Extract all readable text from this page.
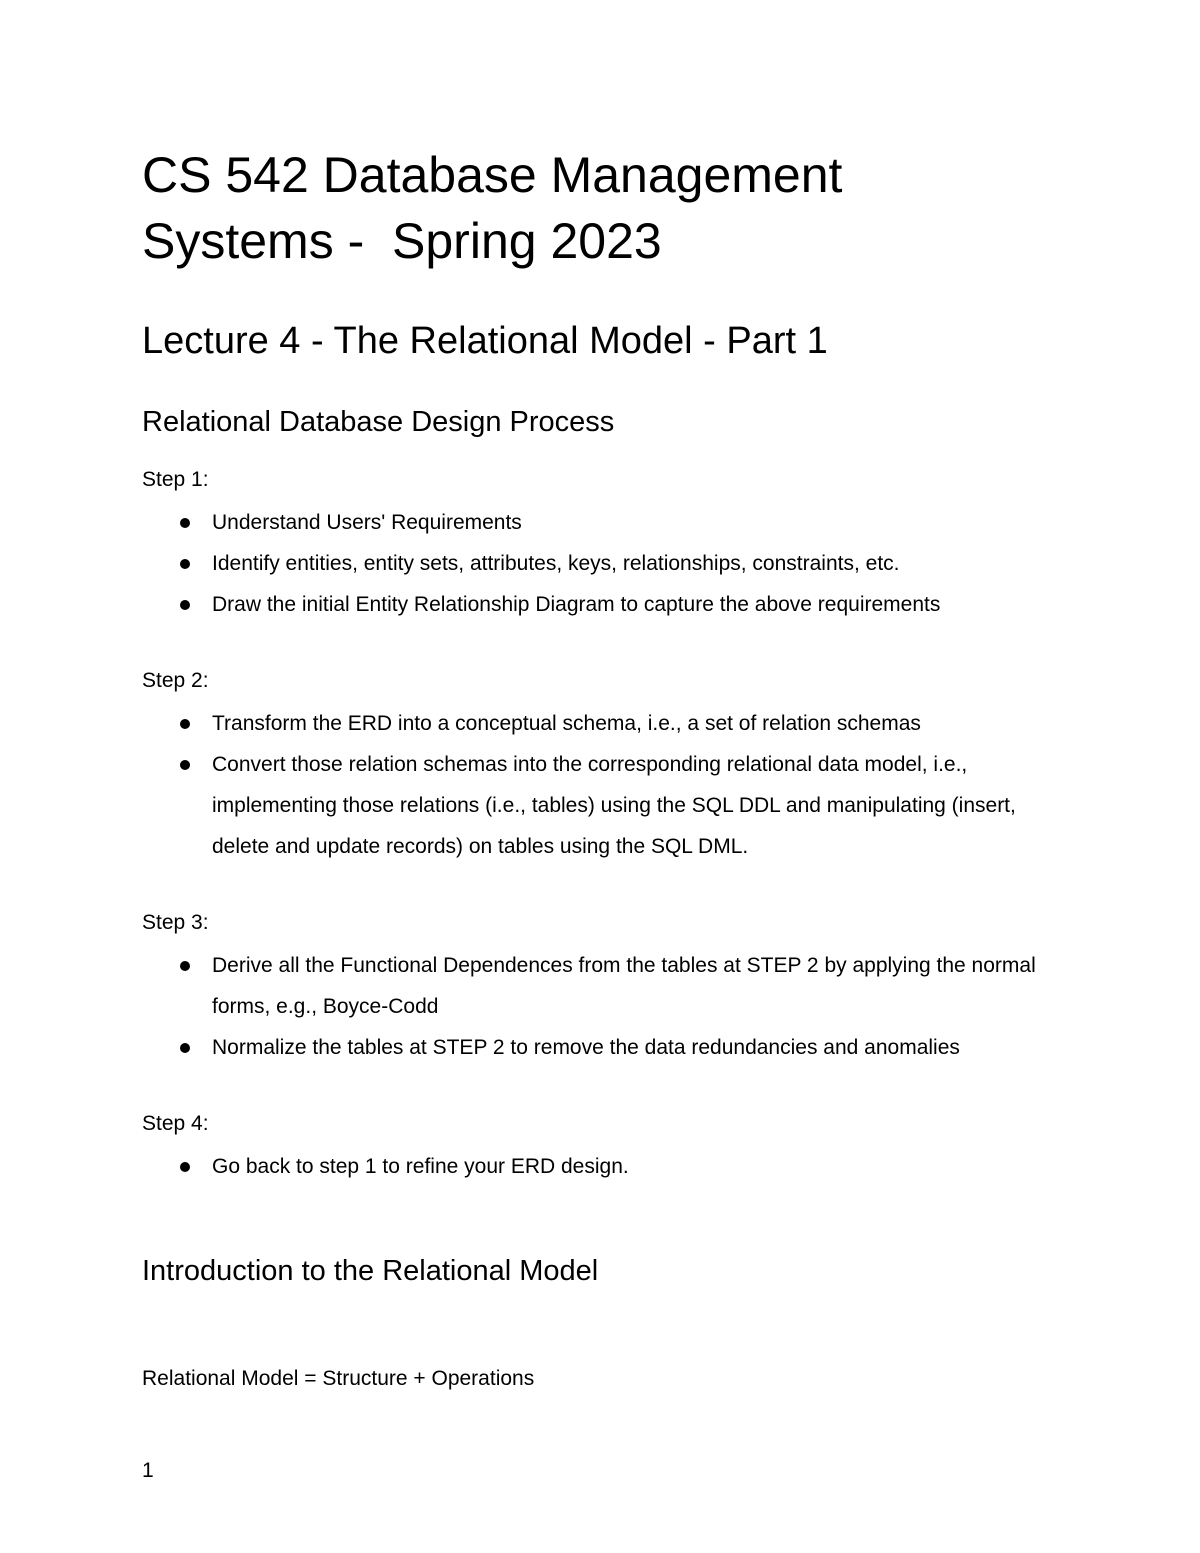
CS 542 Database Management
Systems -  Spring 2023
Lecture 4 - The Relational Model - Part 1
Relational Database Design Process

Step 1:

Understand Users' Requirements
Identify entities, entity sets, attributes, keys, relationships, constraints, etc.
Draw the initial Entity Relationship Diagram to capture the above requirements

Step 2:

Transform the ERD into a conceptual schema, i.e., a set of relation schemas
Convert those relation schemas into the corresponding relational data model, i.e., implementing those relations (i.e., tables) using the SQL DDL and manipulating (insert, delete and update records) on tables using the SQL DML.

Step 3:

Derive all the Functional Dependences from the tables at STEP 2 by applying the normal forms, e.g., Boyce-Codd
Normalize the tables at STEP 2 to remove the data redundancies and anomalies

Step 4:

Go back to step 1 to refine your ERD design.
Introduction to the Relational Model

Relational Model = Structure + Operations

1
